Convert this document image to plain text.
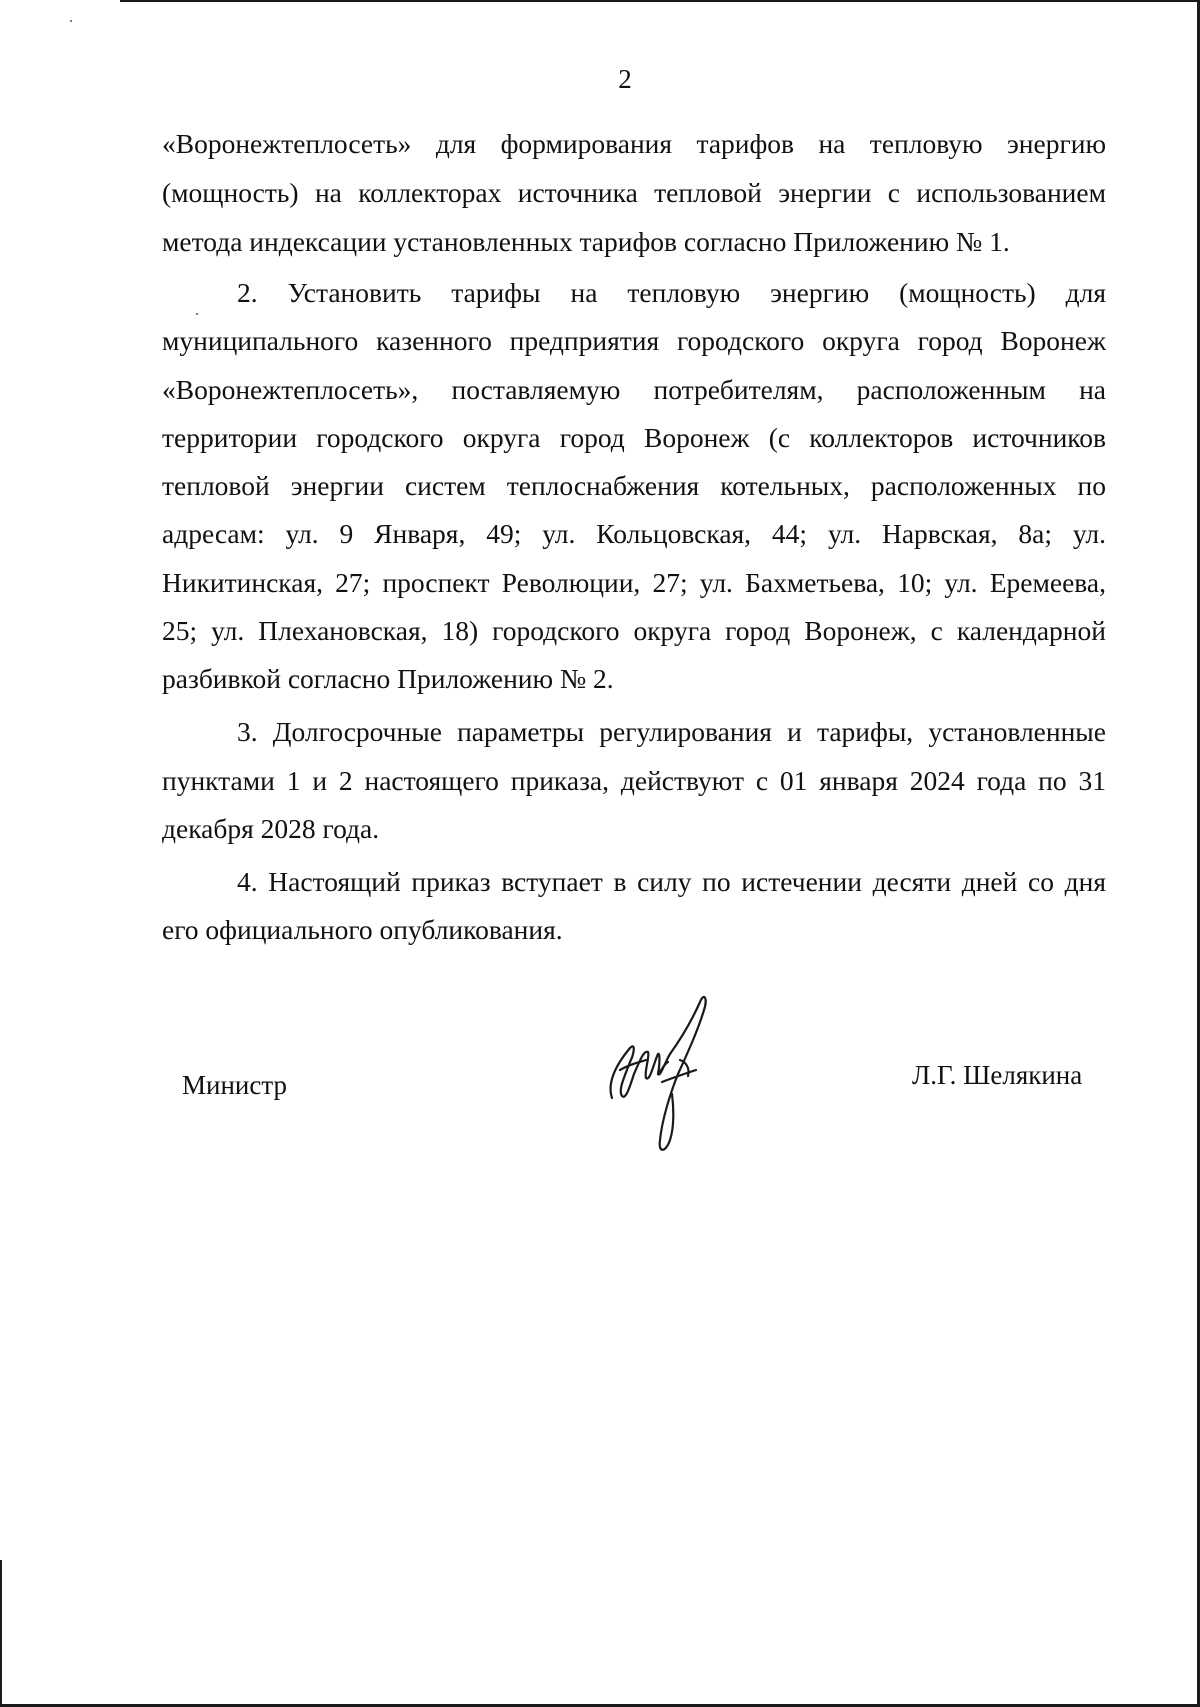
2
«Воронежтеплосеть» для формирования тарифов на тепловую энергию
(мощность) на коллекторах источника тепловой энергии с использованием
метода индексации установленных тарифов согласно Приложению № 1.
2. Установить тарифы на тепловую энергию (мощность) для
муниципального казенного предприятия городского округа город Воронеж
«Воронежтеплосеть», поставляемую потребителям, расположенным на
территории городского округа город Воронеж (с коллекторов источников
тепловой энергии систем теплоснабжения котельных, расположенных по
адресам: ул. 9 Января, 49; ул. Кольцовская, 44; ул. Нарвская, 8а; ул.
Никитинская, 27; проспект Революции, 27; ул. Бахметьева, 10; ул. Еремеева,
25; ул. Плехановская, 18) городского округа город Воронеж, с календарной
разбивкой согласно Приложению № 2.
3. Долгосрочные параметры регулирования и тарифы, установленные
пунктами 1 и 2 настоящего приказа, действуют с 01 января 2024 года по 31
декабря 2028 года.
4. Настоящий приказ вступает в силу по истечении десяти дней со дня
его официального опубликования.
Министр	Л.Г. Шелякина
